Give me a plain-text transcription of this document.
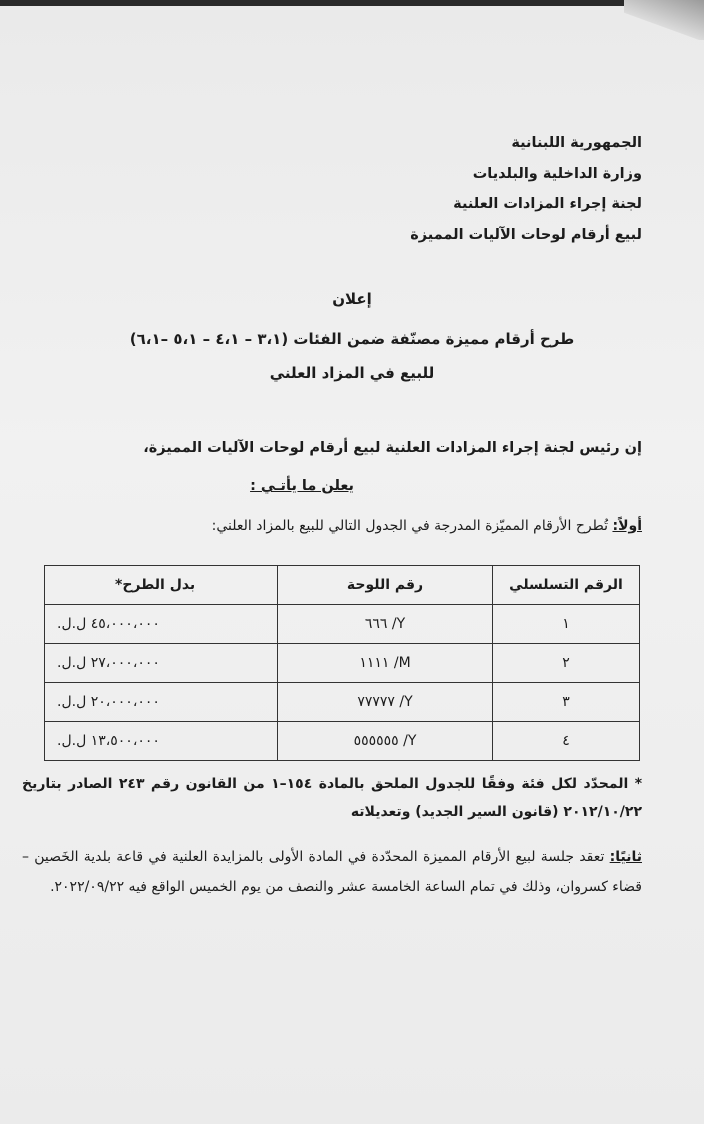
الجمهورية اللبنانية
وزارة الداخلية والبلديات
لجنة إجراء المزادات العلنية
لبيع أرقام لوحات الآليات المميزة
إعلان
طرح أرقام مميزة مصنّفة ضمن الفئات (٣،١ – ٤،١ – ٥،١ –٦،١)
للبيع في المزاد العلني
إن رئيس لجنة إجراء المزادات العلنية لبيع أرقام لوحات الآليات المميزة،
يعلن ما يأتـي :
أولاً: تُطرح الأرقام المميّزة المدرجة في الجدول التالي للبيع بالمزاد العلني:
الرقم التسلسلي	رقم اللوحة	بدل الطرح*
١	Y/ ٦٦٦	٤٥،٠٠٠،٠٠٠ ل.ل.
٢	M/ ١١١١	٢٧،٠٠٠،٠٠٠ ل.ل.
٣	Y/ ٧٧٧٧٧	٢٠،٠٠٠،٠٠٠ ل.ل.
٤	Y/ ٥٥٥٥٥٥	١٣،٥٠٠،٠٠٠ ل.ل.
* المحدّد لكل فئة وفقًا للجدول الملحق بالمادة ١٥٤–١ من القانون رقم ٢٤٣ الصادر بتاريخ ٢٠١٢/١٠/٢٢ (قانون السير الجديد) وتعديلاته
ثانيًا: تعقد جلسة لبيع الأرقام المميزة المحدّدة في المادة الأولى بالمزايدة العلنية في قاعة بلدية الخَصين – قضاء كسروان، وذلك في تمام الساعة الخامسة عشر والنصف من يوم الخميس الواقع فيه ٢٠٢٢/٠٩/٢٢.
